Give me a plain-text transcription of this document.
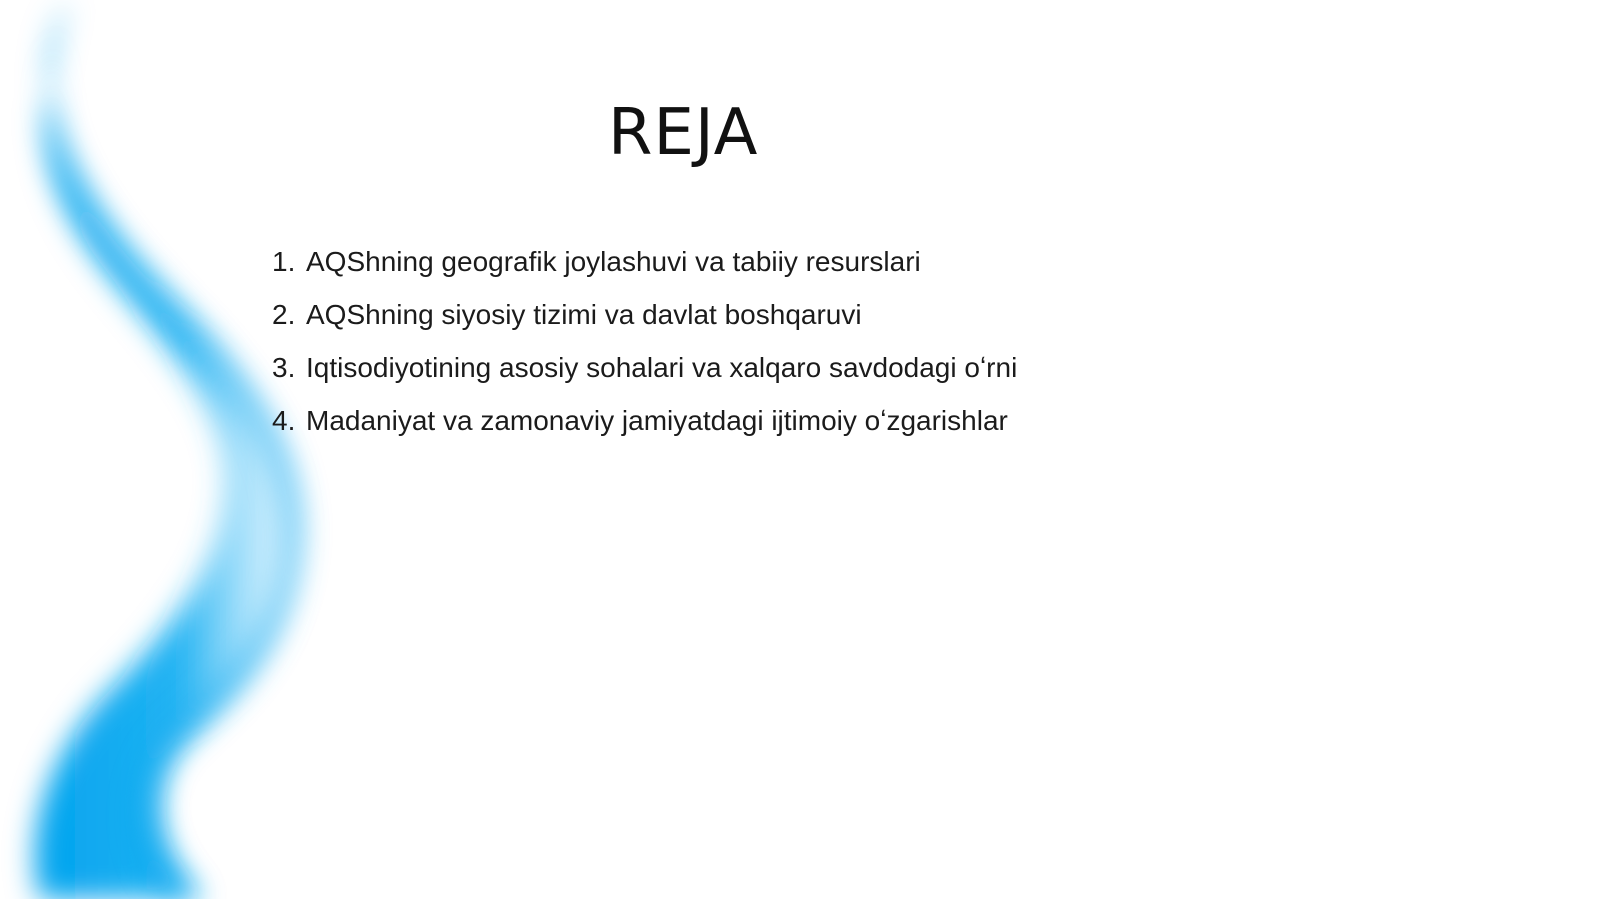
REJA
1. AQShning geografik joylashuvi va tabiiy resurslari
2. AQShning siyosiy tizimi va davlat boshqaruvi
3. Iqtisodiyotining asosiy sohalari va xalqaro savdodagi oʻrni
4. Madaniyat va zamonaviy jamiyatdagi ijtimoiy oʻzgarishlar
